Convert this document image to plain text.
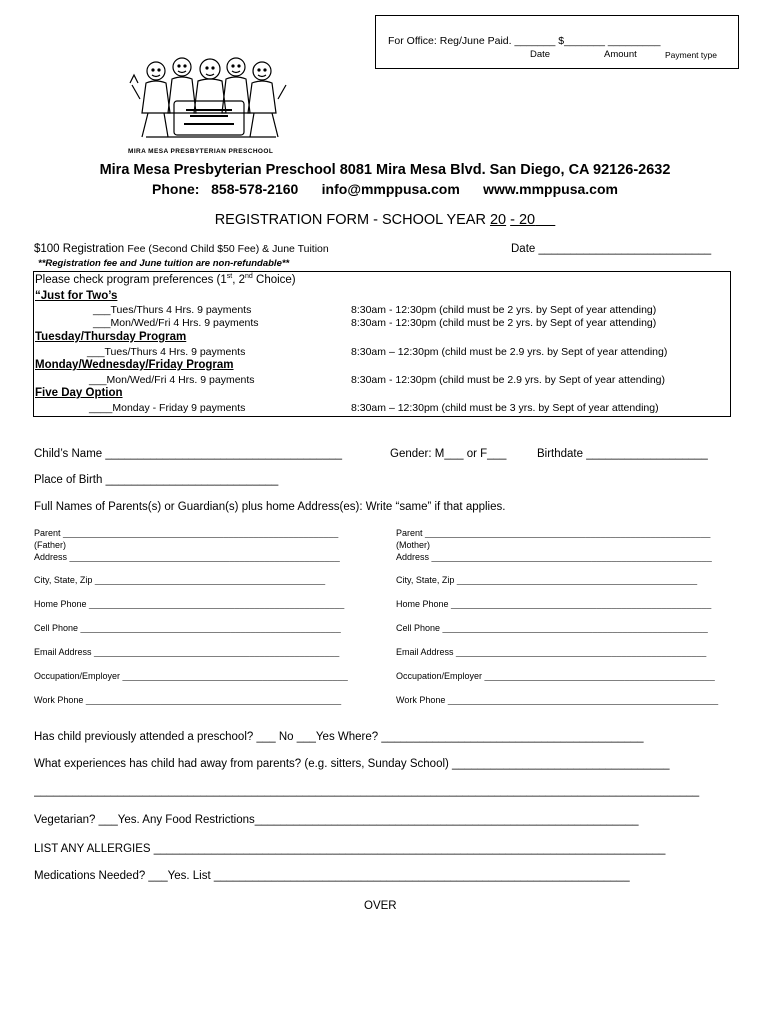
For Office: Reg/June Paid. _______ $_______ _________
Date	Amount	Payment type
MIRA MESA PRESBYTERIAN PRESCHOOL
Mira Mesa Presbyterian Preschool 8081 Mira Mesa Blvd. San Diego, CA 92126-2632
Phone: 858-578-2160 info@mmppusa.com www.mmppusa.com
REGISTRATION FORM - SCHOOL YEAR 20 - 20
$100 Registration Fee (Second Child $50 Fee) & June Tuition	Date ___________________________
**Registration fee and June tuition are non-refundable**
Please check program preferences (1st, 2nd Choice)
“Just for Two’s
___Tues/Thurs 4 Hrs. 9 payments	8:30am - 12:30pm (child must be 2 yrs. by Sept of year attending)
___Mon/Wed/Fri 4 Hrs. 9 payments	8:30am - 12:30pm (child must be 2 yrs. by Sept of year attending)
Tuesday/Thursday Program
___Tues/Thurs 4 Hrs. 9 payments	8:30am – 12:30pm (child must be 2.9 yrs. by Sept of year attending)
Monday/Wednesday/Friday Program
___Mon/Wed/Fri 4 Hrs. 9 payments	8:30am - 12:30pm (child must be 2.9 yrs. by Sept of year attending)
Five Day Option
____Monday - Friday 9 payments	8:30am – 12:30pm (child must be 3 yrs. by Sept of year attending)
Child’s Name _____________________________________	Gender: M___ or F___	Birthdate ___________________
Place of Birth ___________________________
Full Names of Parents(s) or Guardian(s) plus home Address(es): Write “same” if that applies.
Parent _______________________________________________________
(Father)
Address ______________________________________________________
City, State, Zip ______________________________________________
Home Phone ___________________________________________________
Cell Phone ____________________________________________________
Email Address _________________________________________________
Occupation/Employer _____________________________________________
Work Phone ___________________________________________________
Parent _________________________________________________________
(Mother)
Address ________________________________________________________
City, State, Zip ________________________________________________
Home Phone ____________________________________________________
Cell Phone _____________________________________________________
Email Address __________________________________________________
Occupation/Employer ______________________________________________
Work Phone ______________________________________________________
Has child previously attended a preschool? ___ No ___Yes Where? _________________________________________
What experiences has child had away from parents? (e.g. sitters, Sunday School) __________________________________
________________________________________________________________________________________________________
Vegetarian? ___Yes. Any Food Restrictions____________________________________________________________
LIST ANY ALLERGIES ________________________________________________________________________________
Medications Needed? ___Yes. List _________________________________________________________________
OVER
